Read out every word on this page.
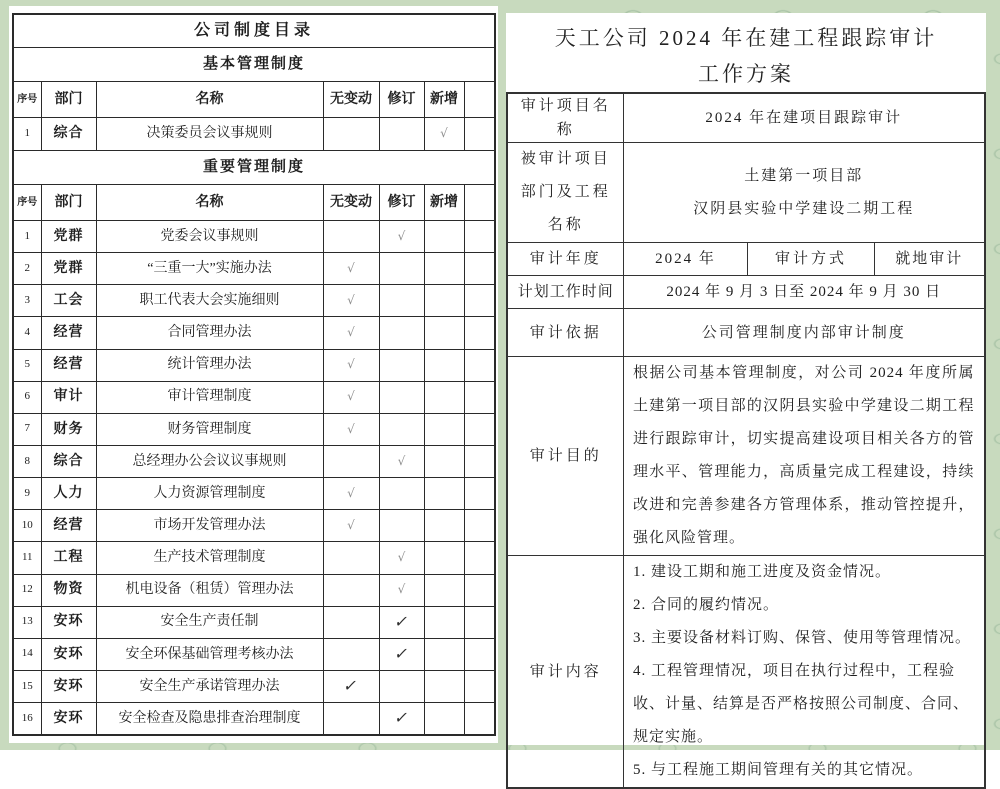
公司制度目录						
基本管理制度						
序号	部门	名称	无变动	修订	新增	
1	综合	决策委员会议事规则			√	
重要管理制度						
序号	部门	名称	无变动	修订	新增	
1	党群	党委会议事规则		√		
2	党群	“三重一大”实施办法	√			
3	工会	职工代表大会实施细则	√			
4	经营	合同管理办法	√			
5	经营	统计管理办法	√			
6	审计	审计管理制度	√			
7	财务	财务管理制度	√			
8	综合	总经理办公会议议事规则		√		
9	人力	人力资源管理制度	√			
10	经营	市场开发管理办法	√			
11	工程	生产技术管理制度		√		
12	物资	机电设备（租赁）管理办法		√		
13	安环	安全生产责任制		✓		
14	安环	安全环保基础管理考核办法		✓		
15	安环	安全生产承诺管理办法	✓			
16	安环	安全检查及隐患排查治理制度		✓		
天工公司 2024 年在建工程跟踪审计
工作方案
审计项目名称	2024 年在建项目跟踪审计		
被审计项目部门及工程名称	土建第一项目部
汉阴县实验中学建设二期工程		

审计年度	2024 年	审计方式	就地审计
计划工作时间	2024 年 9 月 3 日至 2024 年 9 月 30 日		
审计依据	公司管理制度内部审计制度		
审计目的	根据公司基本管理制度，对公司 2024 年度所属土建第一项目部的汉阴县实验中学建设二期工程进行跟踪审计，切实提高建设项目相关各方的管理水平、管理能力，高质量完成工程建设，持续改进和完善参建各方管理体系，推动管控提升，强化风险管理。		
审计内容	1. 建设工期和施工进度及资金情况。
2. 合同的履约情况。
3. 主要设备材料订购、保管、使用等管理情况。
4. 工程管理情况，项目在执行过程中，工程验收、计量、结算是否严格按照公司制度、合同、规定实施。
5. 与工程施工期间管理有关的其它情况。		
